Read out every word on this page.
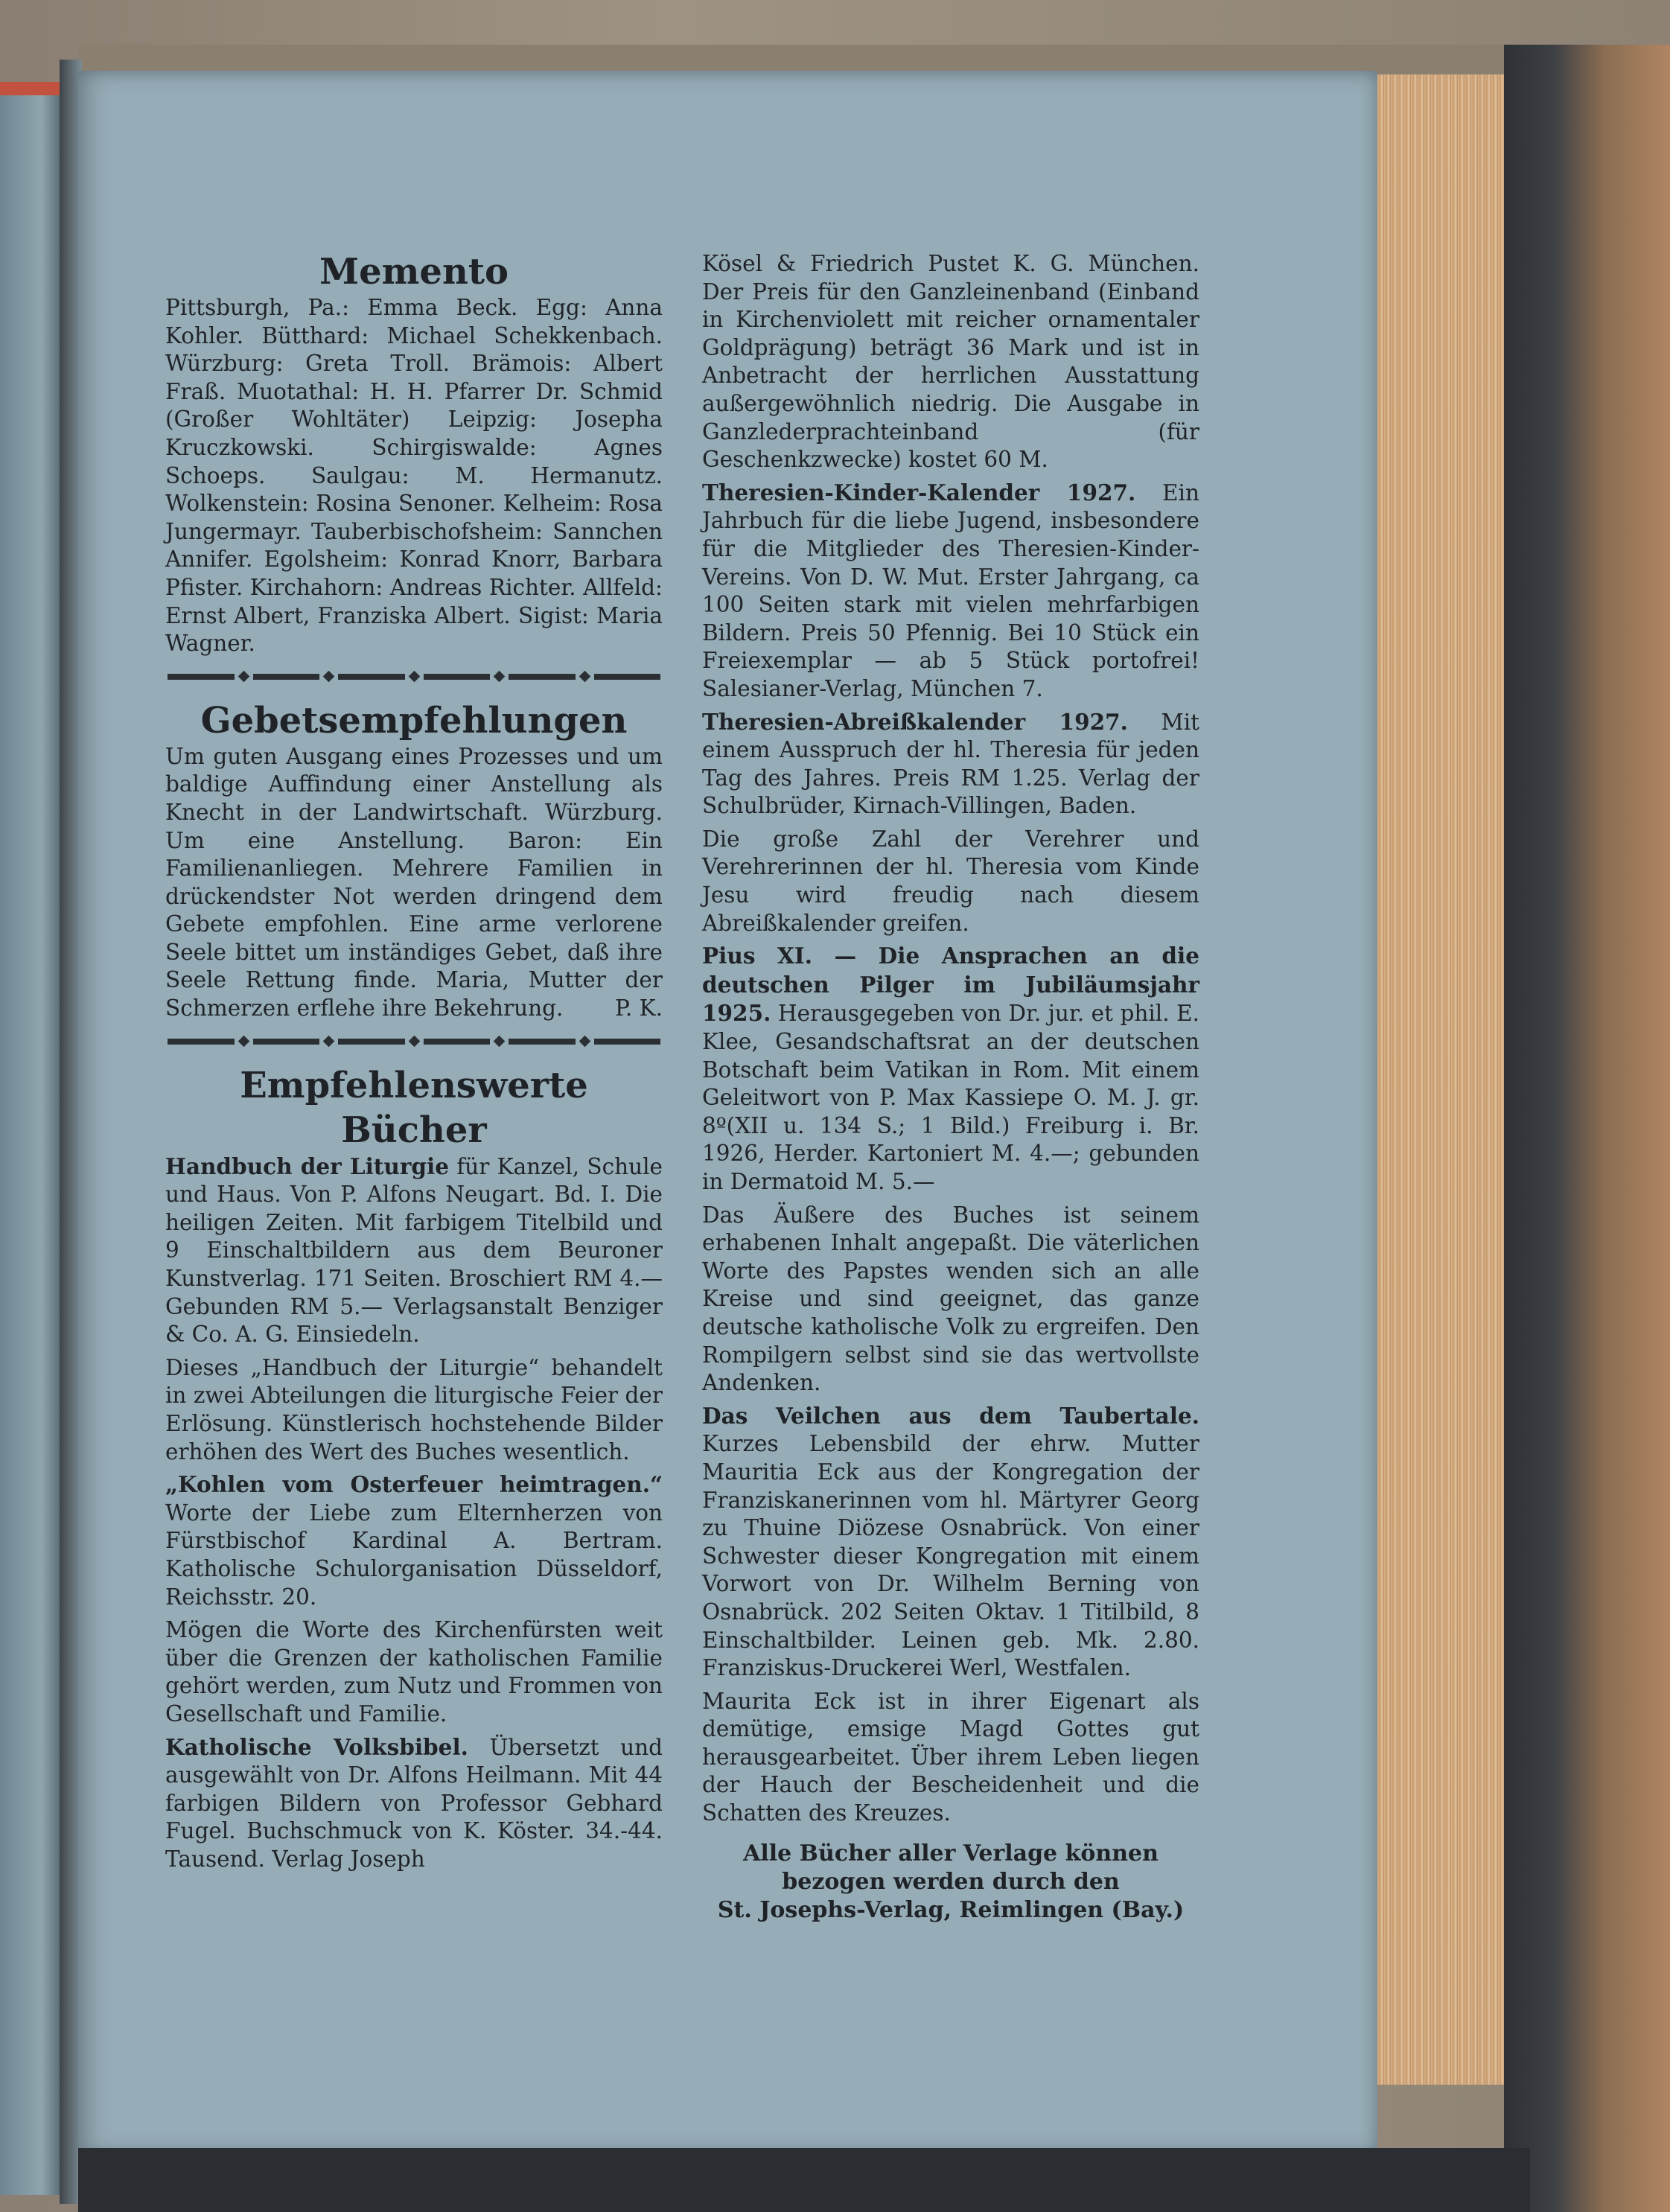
Memento

Pittsburgh, Pa.: Emma Beck. Egg: Anna Kohler. Bütthard: Michael Schekkenbach. Würzburg: Greta Troll. Brämois: Albert Fraß. Muotathal: H. H. Pfarrer Dr. Schmid (Großer Wohltäter) Leipzig: Josepha Kruczkowski. Schirgiswalde: Agnes Schoeps. Saulgau: M. Hermanutz. Wolkenstein: Rosina Senoner. Kelheim: Rosa Jungermayr. Tauberbischofsheim: Sannchen Annifer. Egolsheim: Konrad Knorr, Barbara Pfister. Kirchahorn: Andreas Richter. Allfeld: Ernst Albert, Franziska Albert. Sigist: Maria Wagner.

Gebetsempfehlungen

Um guten Ausgang eines Prozesses und um baldige Auffindung einer Anstellung als Knecht in der Landwirtschaft. Würzburg. Um eine Anstellung. Baron: Ein Familienanliegen. Mehrere Familien in drückendster Not werden dringend dem Gebete empfohlen. Eine arme verlorene Seele bittet um inständiges Gebet, daß ihre Seele Rettung finde. Maria, Mutter der Schmerzen erflehe ihre Bekehrung. P. K.

Empfehlenswerte Bücher

Handbuch der Liturgie für Kanzel, Schule und Haus. Von P. Alfons Neugart. Bd. I. Die heiligen Zeiten. Mit farbigem Titelbild und 9 Einschaltbildern aus dem Beuroner Kunstverlag. 171 Seiten. Broschiert RM 4.— Gebunden RM 5.— Verlagsanstalt Benziger & Co. A. G. Einsiedeln.

Dieses „Handbuch der Liturgie“ behandelt in zwei Abteilungen die liturgische Feier der Erlösung. Künstlerisch hochstehende Bilder erhöhen des Wert des Buches wesentlich.

„Kohlen vom Osterfeuer heimtragen.“ Worte der Liebe zum Elternherzen von Fürstbischof Kardinal A. Bertram. Katholische Schulorganisation Düsseldorf, Reichsstr. 20.

Mögen die Worte des Kirchenfürsten weit über die Grenzen der katholischen Familie gehört werden, zum Nutz und Frommen von Gesellschaft und Familie.

Katholische Volksbibel. Übersetzt und ausgewählt von Dr. Alfons Heilmann. Mit 44 farbigen Bildern von Professor Gebhard Fugel. Buchschmuck von K. Köster. 34.-44. Tausend. Verlag Joseph

Kösel & Friedrich Pustet K. G. München. Der Preis für den Ganzleinenband (Einband in Kirchenviolett mit reicher ornamentaler Goldprägung) beträgt 36 Mark und ist in Anbetracht der herrlichen Ausstattung außergewöhnlich niedrig. Die Ausgabe in Ganzlederprachteinband (für Geschenkzwecke) kostet 60 M.

Theresien-Kinder-Kalender 1927. Ein Jahrbuch für die liebe Jugend, insbesondere für die Mitglieder des Theresien-Kinder-Vereins. Von D. W. Mut. Erster Jahrgang, ca 100 Seiten stark mit vielen mehrfarbigen Bildern. Preis 50 Pfennig. Bei 10 Stück ein Freiexemplar — ab 5 Stück portofrei! Salesianer-Verlag, München 7.

Theresien-Abreißkalender 1927. Mit einem Ausspruch der hl. Theresia für jeden Tag des Jahres. Preis RM 1.25. Verlag der Schulbrüder, Kirnach-Villingen, Baden.

Die große Zahl der Verehrer und Verehrerinnen der hl. Theresia vom Kinde Jesu wird freudig nach diesem Abreißkalender greifen.

Pius XI. — Die Ansprachen an die deutschen Pilger im Jubiläumsjahr 1925. Herausgegeben von Dr. jur. et phil. E. Klee, Gesandschaftsrat an der deutschen Botschaft beim Vatikan in Rom. Mit einem Geleitwort von P. Max Kassiepe O. M. J. gr. 8º(XII u. 134 S.; 1 Bild.) Freiburg i. Br. 1926, Herder. Kartoniert M. 4.—; gebunden in Dermatoid M. 5.—

Das Äußere des Buches ist seinem erhabenen Inhalt angepaßt. Die väterlichen Worte des Papstes wenden sich an alle Kreise und sind geeignet, das ganze deutsche katholische Volk zu ergreifen. Den Rompilgern selbst sind sie das wertvollste Andenken.

Das Veilchen aus dem Taubertale. Kurzes Lebensbild der ehrw. Mutter Mauritia Eck aus der Kongregation der Franziskanerinnen vom hl. Märtyrer Georg zu Thuine Diözese Osnabrück. Von einer Schwester dieser Kongregation mit einem Vorwort von Dr. Wilhelm Berning von Osnabrück. 202 Seiten Oktav. 1 Titilbild, 8 Einschaltbilder. Leinen geb. Mk. 2.80. Franziskus-Druckerei Werl, Westfalen.

Maurita Eck ist in ihrer Eigenart als demütige, emsige Magd Gottes gut herausgearbeitet. Über ihrem Leben liegen der Hauch der Bescheidenheit und die Schatten des Kreuzes.

Alle Bücher aller Verlage können
bezogen werden durch den
St. Josephs-Verlag, Reimlingen (Bay.)
